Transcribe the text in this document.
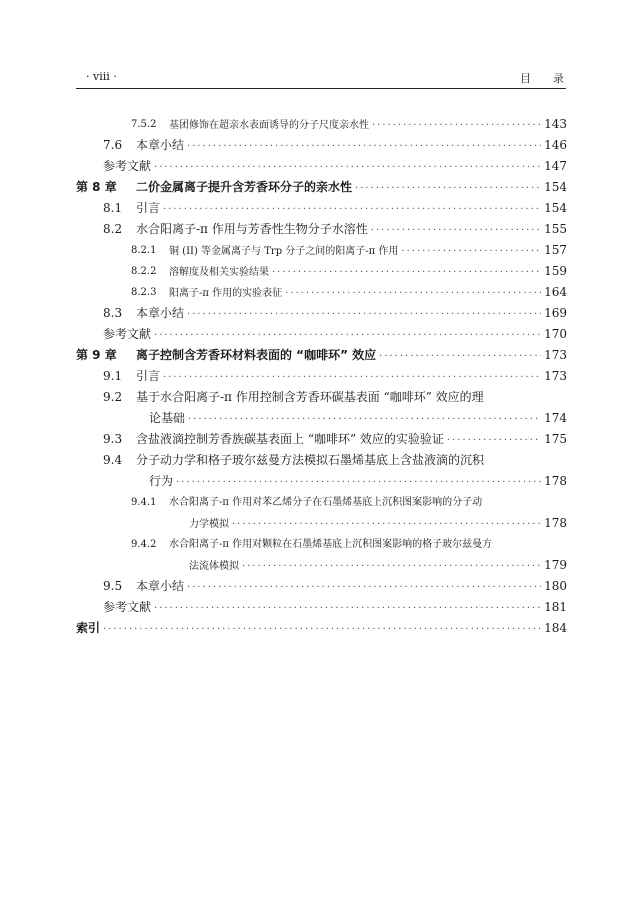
· viii ·	目录
7.5.2 基团修饰在超亲水表面诱导的分子尺度亲水性 ·····	143
7.6 本章小结 ·····	146
参考文献 ·····	147
第 8 章 二价金属离子提升含芳香环分子的亲水性 ·····	154
8.1 引言 ·····	154
8.2 水合阳离子-π 作用与芳香性生物分子水溶性 ·····	155
8.2.1 铜 (II) 等金属离子与 Trp 分子之间的阳离子-π 作用 ·····	157
8.2.2 溶解度及相关实验结果 ·····	159
8.2.3 阳离子-π 作用的实验表征 ·····	164
8.3 本章小结 ·····	169
参考文献 ·····	170
第 9 章 离子控制含芳香环材料表面的 “咖啡环” 效应 ·····	173
9.1 引言 ·····	173
9.2 基于水合阳离子-π 作用控制含芳香环碳基表面 “咖啡环” 效应的理
论基础 ·····	174
9.3 含盐液滴控制芳香族碳基表面上 “咖啡环” 效应的实验验证 ·····	175
9.4 分子动力学和格子玻尔兹曼方法模拟石墨烯基底上含盐液滴的沉积
行为 ·····	178
9.4.1 水合阳离子-π 作用对苯乙烯分子在石墨烯基底上沉积图案影响的分子动
力学模拟 ·····	178
9.4.2 水合阳离子-π 作用对颗粒在石墨烯基底上沉积图案影响的格子玻尔兹曼方
法流体模拟 ·····	179
9.5 本章小结 ·····	180
参考文献 ·····	181
索引 ·····	184
